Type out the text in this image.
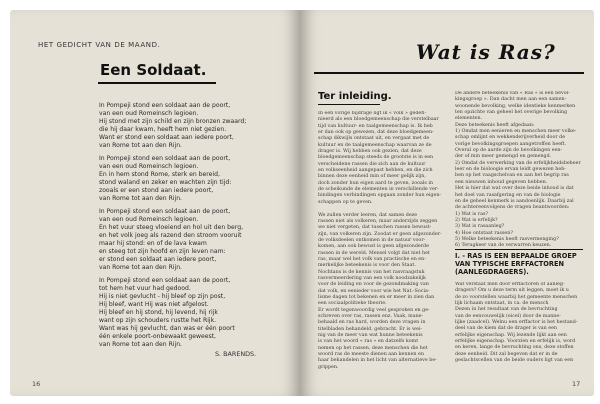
HET GEDICHT VAN DE MAAND.
Een Soldaat.
In Pompeji stond een soldaat aan de poort,
van een oud Romeinsch legioen.
Hij stond met zijn schild en zijn bronzen zwaard;
die hij daar kwam, heeft hem niet gezien.
Want er stond een soldaat aan iedere poort,
van Rome tot aan den Rijn.
In Pompeji stond een soldaat aan de poort,
van een oud Romeinsch legioen.
En in hem stond Rome, sterk en bereid,
stond waland en zeker en wachten zijn tijd:
zooals er een stond aan iedere poort,
van Rome tot aan den Rijn.
In Pompeji stond een soldaat aan de poort,
van een oud Romeinsch legioen.
En het vuur steeg vloeiend en hol uit den berg,
en het volk joeg als razend den stroom vooruit
maar hij stond: en of de lava kwam
en steeg tot zijn hoofd en zijn leven nam:
er stond een soldaat aan iedere poort,
van Rome tot aan den Rijn.
In Pompeji stond een soldaat aan de poort,
tot hem het vuur had gedood.
Hij is niet gevlucht - hij bleef op zijn post,
Hij bleef, want Hij was niet afgelost.
Hij bleef en hij stond, hij levend, hij rijk
want op zijn schouders rustte het Rijk.
Want was hij gevlucht, dan was er één poort
één enkele poort-onbewaakt geweest,
van Rome tot aan den Rijn.
S. BARENDS.
16
Wat is Ras?
Ter inleiding.
In een vorige bijdrage ligt ik « volk » gedefi-
nieerd als een bloedgemeenschap die verstelbaar
tijd van kultuur- en taalgemeenschap is. Ik heb
er dan ook op gewezen, dat deze bloedgemeen-
schap dikwijls ontstaat uit, en vergaat met de
kultuur en de taalgemeenschap waarvan ze de
drager is. Wij hebben ook gezien, dat deze
bloedgemeenschap steeds de grootste is in een
verscheidene rassen die zich aan de kultuur
en volkseenheid aangepast hebben, en die zich
binnen deze eenheid min of meer gelijk zijn,
doch zonder hun eigen aard te geven, zooals in
de scheikunde de elementen in verschillende ver-
bindingen verbindingen opgaan zonder hun eigen-
schappen op te geven.
We zullen verder leeren, dat samen deze
rassen niet als volkeren, maar anderzijds zeggen
we niet vergeten, dat tusschen rassen bewust-
zijn, van volkeren zijn. Zoodat er geen afgezonder-
de volksdeelen ontkomen in de natuur voor-
komen, aan ook bewust is geen afgezonderde
rassen in de wereld. Mensel volgt dat niet het
ras, maar wel het volk van practische en en-
merkelijke beteekenis is voor den Staat.
Nochtans is de kennis van het rasvraagstuk
rasvermeerdering van een volk noodzakelijk
voor de leiding en voor de gezondmaking van
dat volk, en eenieder voor wie het Nat.-Socia-
lisme dagen tot bekenen en er meer in zien dan
een sociaalpolitieke theorie.
Er wordt tegenwoordig veel gesproken en ge-
schreven over ras, rassen enz. Vaak, mane-
behaald en ras hard, worden deze vragen in
titelbladen behandeld, gebracht. Er is wei-
nig van de meer van wat hunne beteekenis
is van het woord « ras » en datzelfs komt
nemen op het rassen, deze menschen die het
woord ras de meeste dienen aan kennen en
haar behandelen in het licht van alternatieve be-
grippen.
De andere beteekenis van « Ras » is een bevol-
kingsgroep ». Dan dacht men aan een samen-
woonende bevolking, welke identieke kenmerken
ten opzichte van geheel het overige bevolking
elementen.
Deze beteekenis heeft afgedaan:
1) Omdat men eenieren en menschen meer volke-
schap omlijnt en wekkenderijverheid door de
vorige bevolkingsgroepen aangetroffen heeft.
Overal op de aarde zijn de bevolkingen een-
der of min meer gemengd en gemengd.
2) Omdat de verwerking van de erfelijkheidsbeheer
leer en de bioloogie ervan leidt gewezen heb-
ben op het vaagschelvan en aan het begrip ras
een nieuwen inhoud gegeven hebben.
Het is hier dat wat over deze beide inhoud is dat
het doel van rasafgering en van de biologie
en de geheel kenmerk is aandoenlijk. Daarbij zal
de achtereenvolgens de vragen beantwoorden:
1) Wat is ras?
2) Wat is erfelijk?
3) Wat is rasaanleg?
4) Hoe ontstaat rassen?
5) Welke beteekenis heeft rasvermenging?
6) Terugkeer van de verwarren keuzen.
I. - RAS IS EEN BEPAALDE GROEP VAN TYPISCHE ERFFACTOREN (AANLEGDRAGERS).
Wat verstaat men door erffactoren of aanleg-
dragers? Om u deze term uit leggen, moet ik u
de zo voorstellen waarbij het gemeente menschen
lijk lichaam ontstaat, in ca. de mensch
Dezen in het resultaat van de bevruchting
van de eenvouwelijk (eicel) door de manne-
lijke (zaadcel). Welnu een erffactor is het bestand-
deel van de kiem dat de drager is van een
erfelijke eigenschap. Wij lezende lijkt aan een
erfelijke eigenschap. Voorzien en erfelijk is, word
en keren, lange de bevruchting ons, deze stoffen
deze eenheid. Dit zal begeven dat er in de
geslachtscellen van de beide ouders ligt van een
17
